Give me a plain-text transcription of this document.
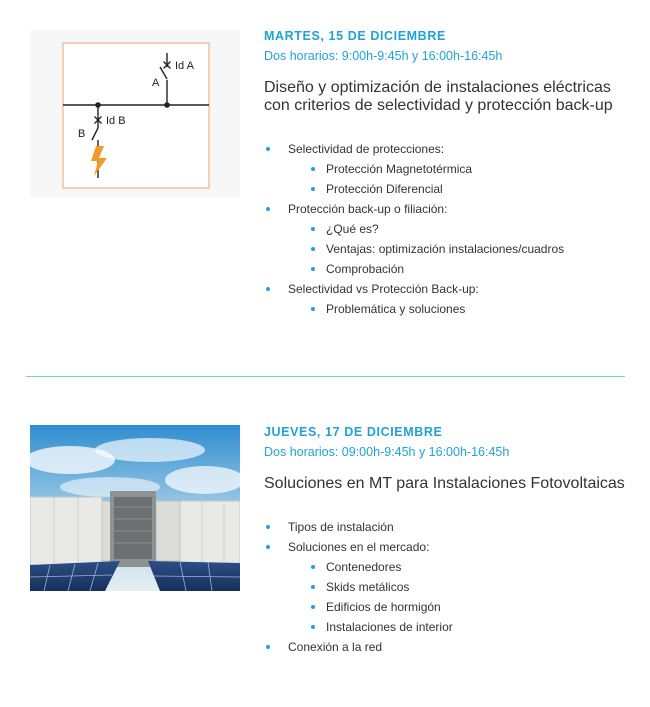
Id A
A
Id B
B

MARTES, 15 DE DICIEMBRE

Dos horarios: 9:00h-9:45h y 16:00h-16:45h

Diseño y optimización de instalaciones eléctricas con criterios de selectividad y protección back-up
Selectividad de protecciones:
Protección Magnetotérmica
Protección Diferencial
Protección back-up o filiación:
¿Qué es?
Ventajas: optimización instalaciones/cuadros
Comprobación
Selectividad vs Protección Back-up:
Problemática y soluciones

JUEVES, 17 DE DICIEMBRE

Dos horarios: 09:00h-9:45h y 16:00h-16:45h

Soluciones en MT para Instalaciones Fotovoltaicas
Tipos de instalación
Soluciones en el mercado:
Contenedores
Skids metálicos
Edificios de hormigón
Instalaciones de interior
Conexión a la red
